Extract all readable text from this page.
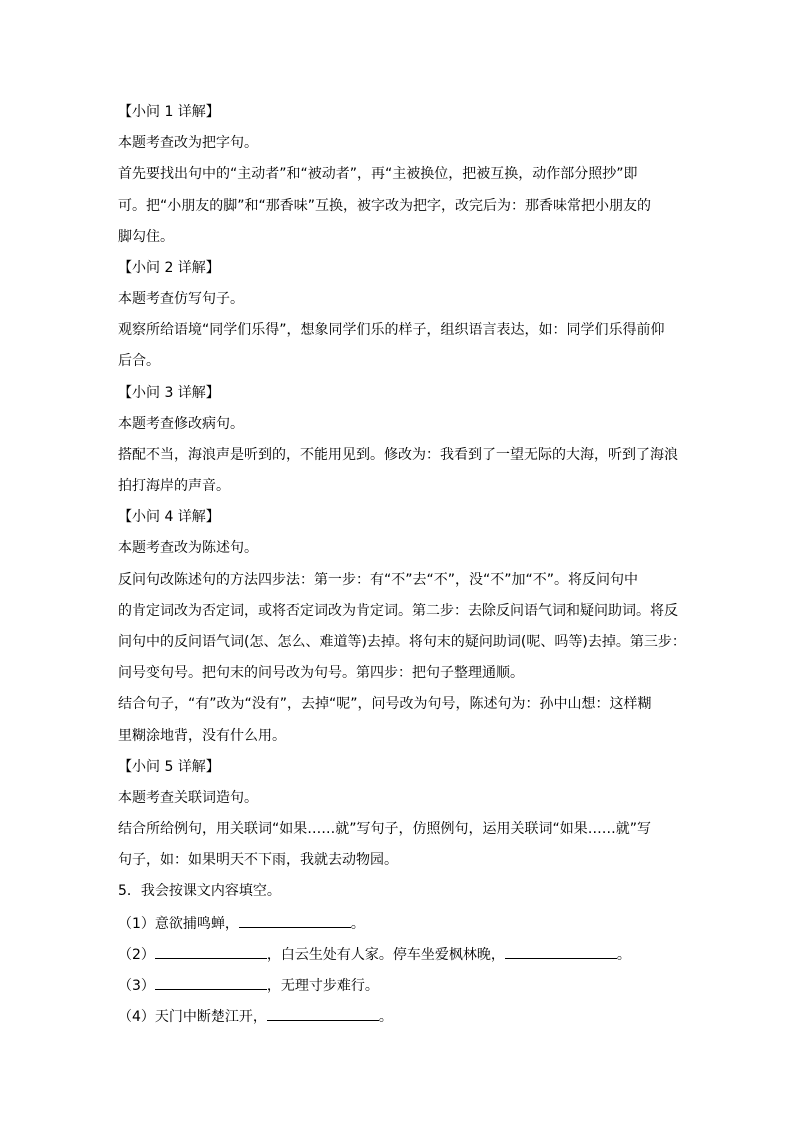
【小问 1 详解】
本题考查改为把字句。
首先要找出句中的“主动者”和“被动者”，再“主被换位，把被互换，动作部分照抄”即
可。把“小朋友的脚”和“那香味”互换，被字改为把字，改完后为：那香味常把小朋友的
脚勾住。
【小问 2 详解】
本题考查仿写句子。
观察所给语境“同学们乐得”，想象同学们乐的样子，组织语言表达，如：同学们乐得前仰
后合。
【小问 3 详解】
本题考查修改病句。
搭配不当，海浪声是听到的，不能用见到。修改为：我看到了一望无际的大海，听到了海浪
拍打海岸的声音。
【小问 4 详解】
本题考查改为陈述句。
反问句改陈述句的方法四步法：第一步：有“不”去“不”，没“不”加“不”。将反问句中
的肯定词改为否定词，或将否定词改为肯定词。第二步：去除反问语气词和疑问助词。将反
问句中的反问语气词(怎、怎么、难道等)去掉。将句末的疑问助词(呢、吗等)去掉。第三步：
问号变句号。把句末的问号改为句号。第四步：把句子整理通顺。
结合句子，“有”改为“没有”，去掉“呢”，问号改为句号，陈述句为：孙中山想：这样糊
里糊涂地背，没有什么用。
【小问 5 详解】
本题考查关联词造句。
结合所给例句，用关联词“如果……就”写句子，仿照例句，运用关联词“如果……就”写
句子，如：如果明天不下雨，我就去动物园。
5．我会按课文内容填空。
（1）意欲捕鸣蝉，	。
（2）	，白云生处有人家。停车坐爱枫林晚，	。
（3）	，无理寸步难行。
（4）天门中断楚江开，	。
